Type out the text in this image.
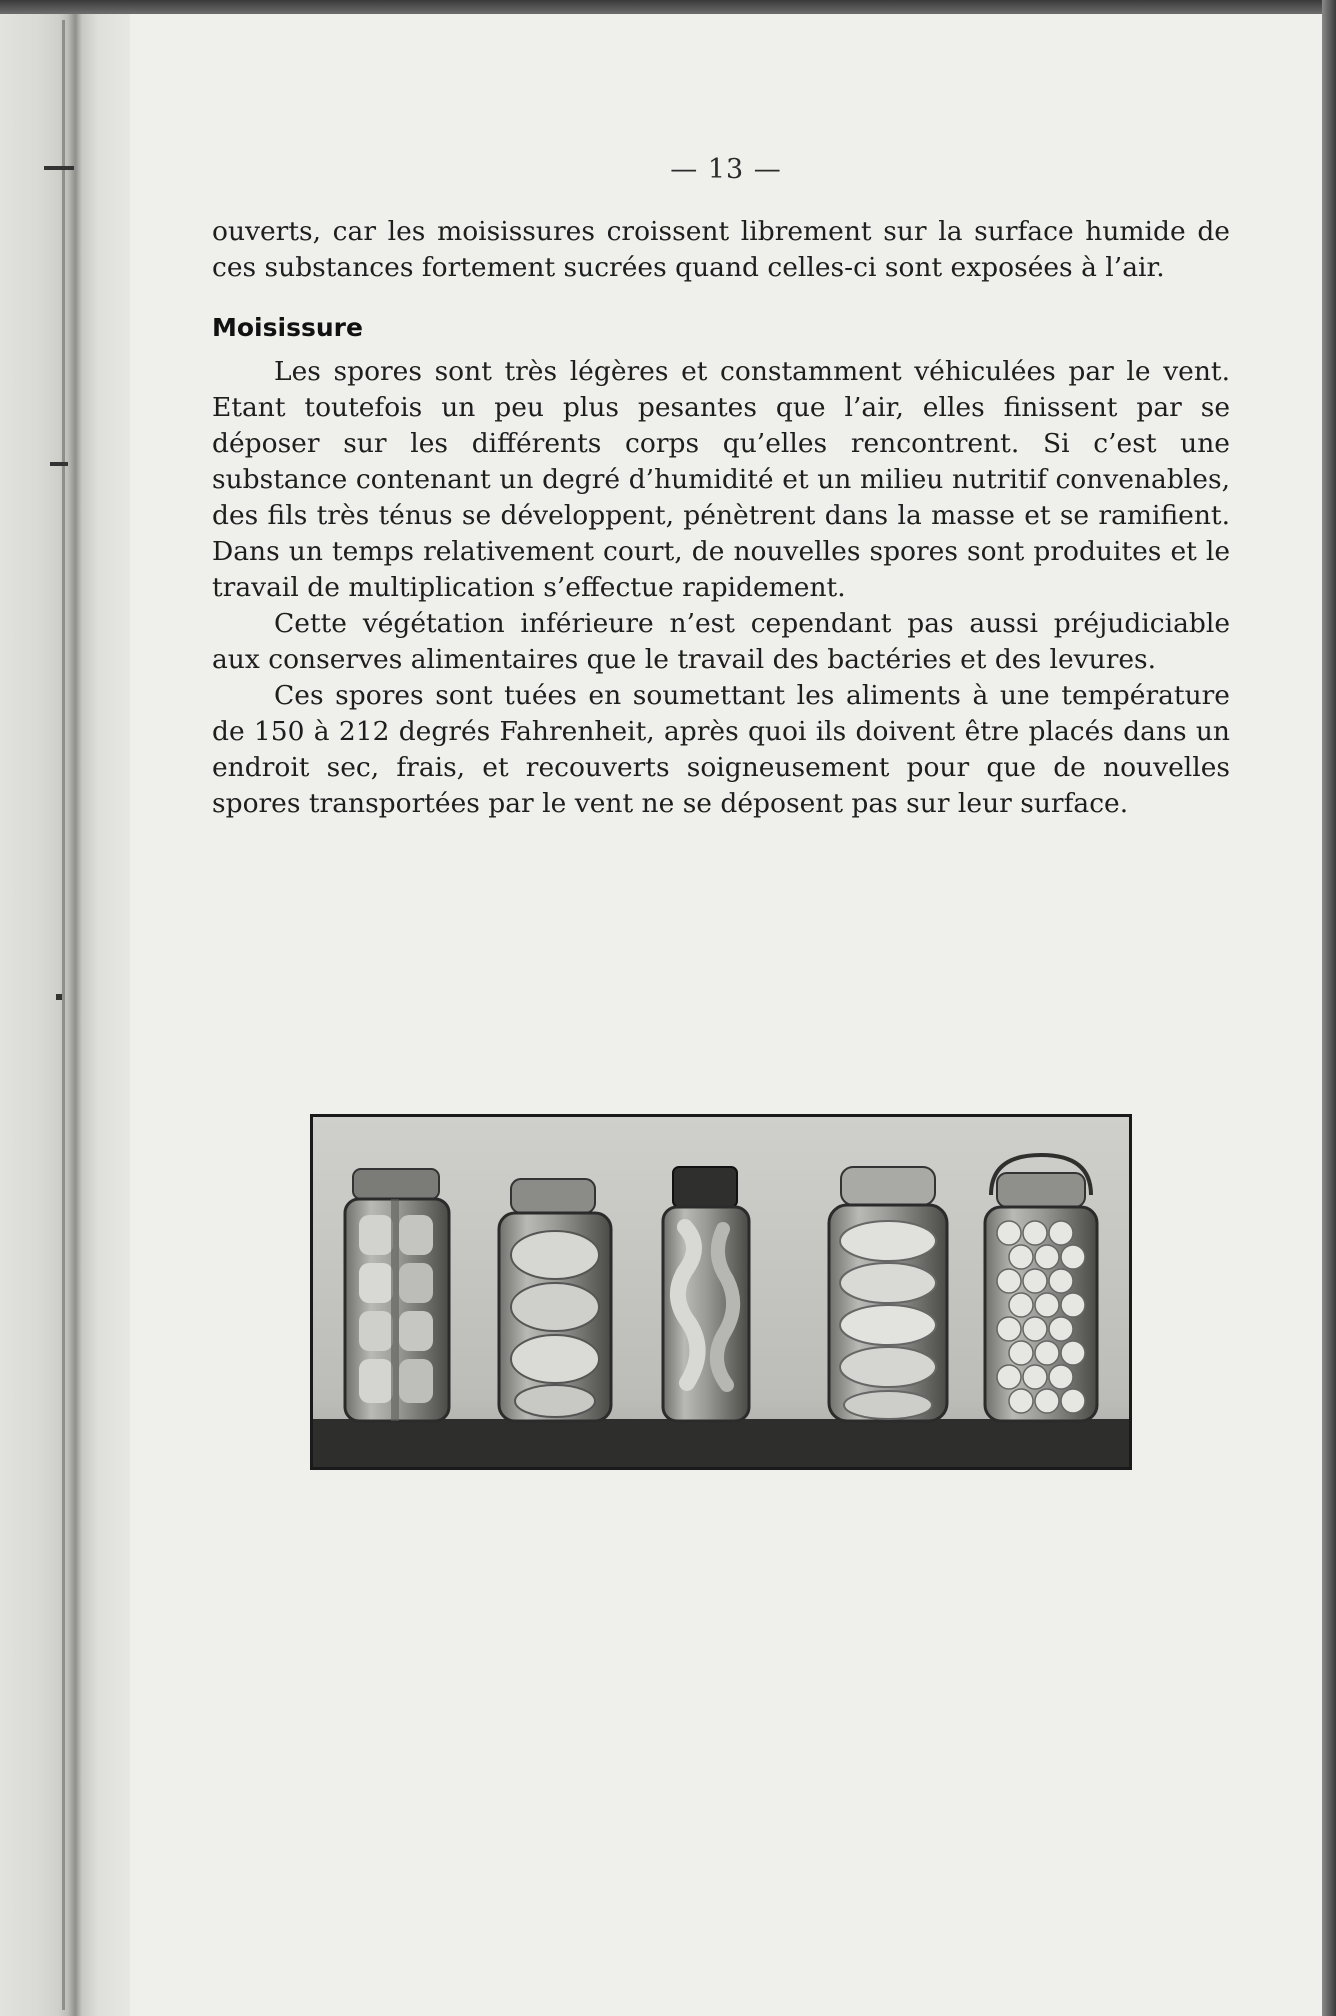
— 13 —

ouverts, car les moisissures croissent librement sur la surface humide de ces substances fortement sucrées quand celles-ci sont exposées à l’air.

Moisissure

Les spores sont très légères et constamment véhiculées par le vent. Etant toutefois un peu plus pesantes que l’air, elles finissent par se déposer sur les différents corps qu’elles rencontrent. Si c’est une substance contenant un degré d’humidité et un milieu nutritif convenables, des fils très ténus se développent, pénètrent dans la masse et se ramifient. Dans un temps relativement court, de nouvelles spores sont produites et le travail de multiplication s’effectue rapidement.

Cette végétation inférieure n’est cependant pas aussi préjudiciable aux conserves alimentaires que le travail des bactéries et des levures.

Ces spores sont tuées en soumettant les aliments à une température de 150 à 212 degrés Fahrenheit, après quoi ils doivent être placés dans un endroit sec, frais, et recouverts soigneusement pour que de nouvelles spores transportées par le vent ne se déposent pas sur leur surface.
